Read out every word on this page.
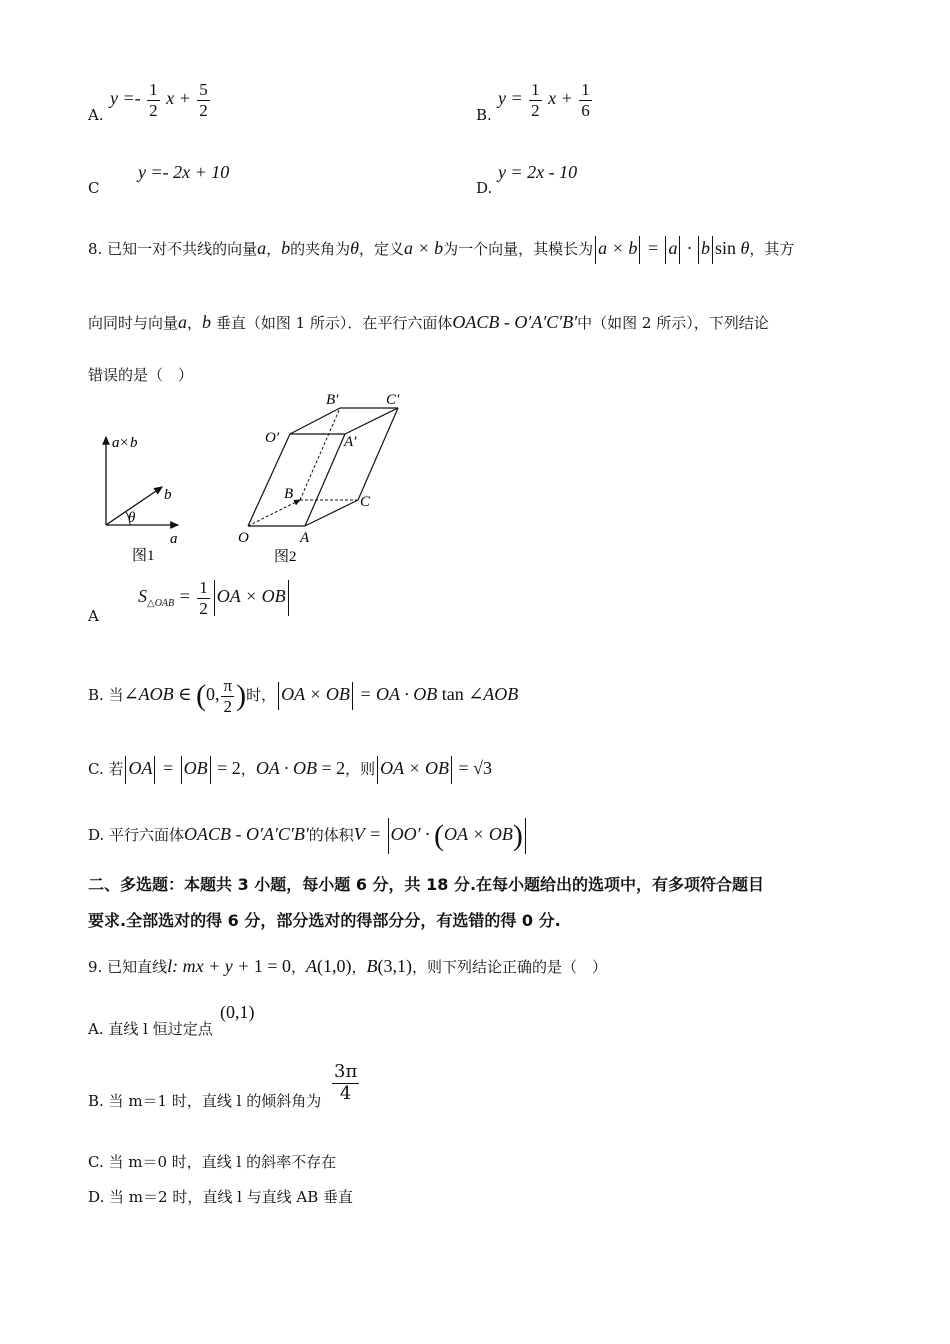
A.
$y =- \frac{1}{2}$ $x + \frac{5}{2}$	B.
$y = \frac{1}{2}$ $x + \frac{1}{6}$
C
y =- 2x + 10
D.
y = 2x - 10
8. 已知一对不共线的向量a，b的夹角为θ，定义a × b为一个向量，其模长为 a × b = a · b sin θ，其方
向同时与向量a，b 垂直（如图 1 所示）．在平行六面体OACB - O′A′C′B′中（如图 2 所示），下列结论
错误的是（　）
θ
a × b
b
a
图1
O	A
C
B
O′	A′
B′	C′
图2
A
$S_{\triangle OAB} = \frac{1}{2}$ OA × OB
B. 当∠AOB ∈ (0, $\frac{\pi}{2}$ )时， OA × OB = OA · OB tan ∠AOB
C. 若 OA = OB = 2，OA · OB = 2，则 OA × OB = √3
D. 平行六面体OACB - O′A′C′B′的体积V = OO′ · (OA × OB)
二、多选题：本题共 3 小题，每小题 6 分，共 18 分.在每小题给出的选项中，有多项符合题目
要求.全部选对的得 6 分，部分选对的得部分分，有选错的得 0 分.
9. 已知直线l: mx + y + 1 = 0，A(1,0)，B(3,1)，则下列结论正确的是（　）
A. 直线 l 恒过定点
(0,1)
B. 当 m＝1 时，直线 l 的倾斜角为 $\frac{3\pi}{4}$
C. 当 m＝0 时，直线 l 的斜率不存在
D. 当 m＝2 时，直线 l 与直线 AB 垂直
